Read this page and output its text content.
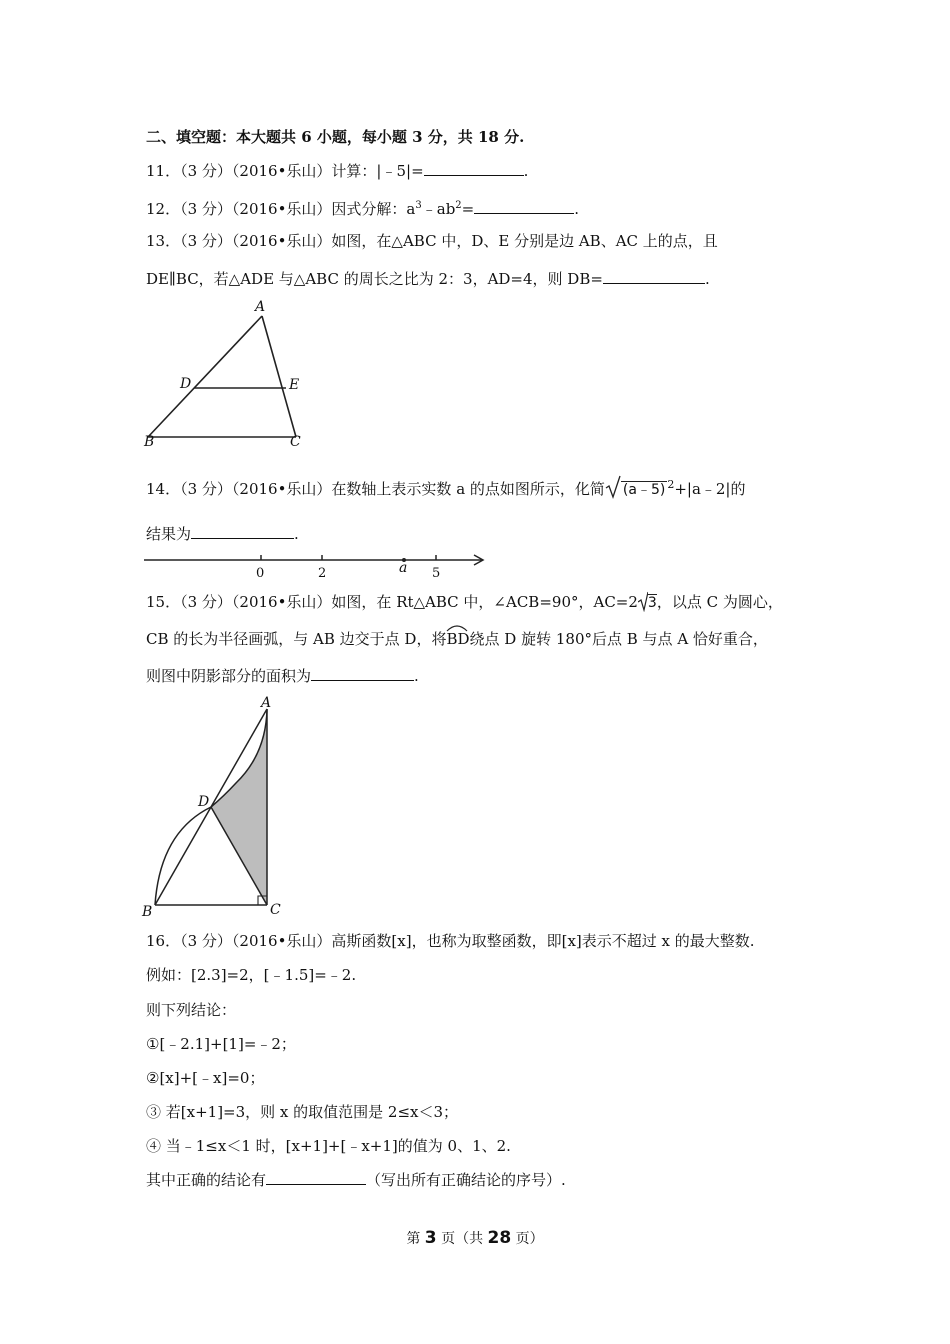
二、填空题：本大题共 6 小题，每小题 3 分，共 18 分.
11．（3 分）（2016•乐山）计算：|﹣5|=	.
12．（3 分）（2016•乐山）因式分解：$a^3﹣ab^2=$	.
13．（3 分）（2016•乐山）如图，在△ABC 中，D、E 分别是边 AB、AC 上的点，且
DE∥BC，若△ADE 与△ABC 的周长之比为 2：3，AD=4，则 DB=	.
A
D	E
B	C
14．（3 分）（2016•乐山）在数轴上表示实数 a 的点如图所示，化简 (a﹣5) $^2$+|a﹣2|的
结果为	.
0	2	a 5
15．（3 分）（2016•乐山）如图，在 Rt△ABC 中，∠ACB=90°，AC=2 3，以点 C 为圆心，
CB 的长为半径画弧，与 AB 边交于点 D，将
BD绕点 D 旋转 180°后点 B 与点 A 恰好重合，
则图中阴影部分的面积为	.
A
D
B	C
16．（3 分）（2016•乐山）高斯函数[x]，也称为取整函数，即[x]表示不超过 x 的最大整数.
例如：[2.3]=2，[﹣1.5]=﹣2.
则下列结论：
①[﹣2.1]+[1]=﹣2；
②[x]+[﹣x]=0；
③ 若[x+1]=3，则 x 的取值范围是 2≤x＜3；
④ 当﹣1≤x＜1 时，[x+1]+[﹣x+1]的值为 0、1、2.
其中正确的结论有	（写出所有正确结论的序号）.
第 3 页（共 28 页）
